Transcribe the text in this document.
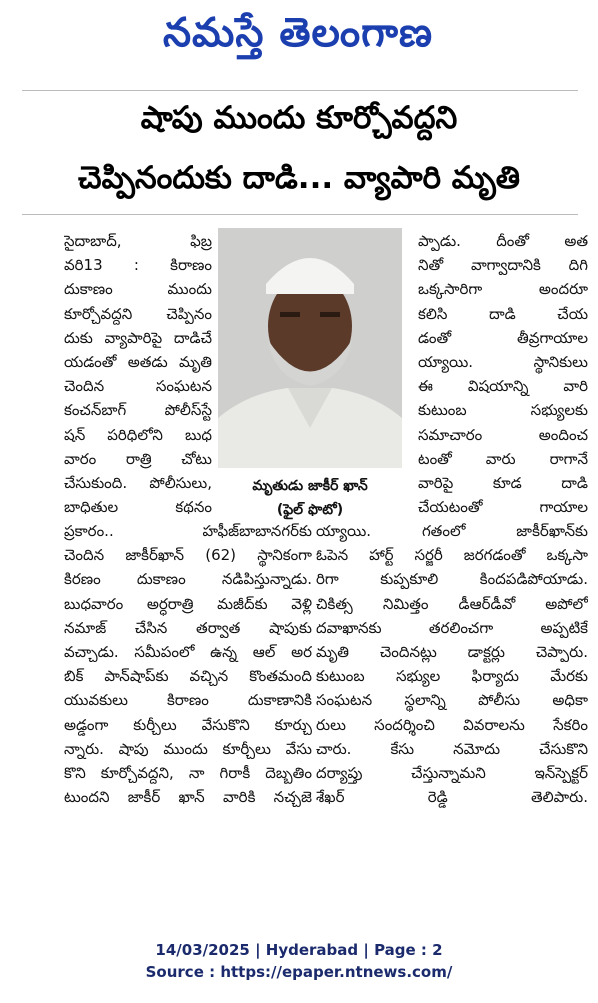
నమస్తే తెలంగాణ
షాపు ముందు కూర్చోవద్దని
చెప్పినందుకు దాడి... వ్యాపారి మృతి
సైదాబాద్, ఫిబ్ర
వరి13 : కిరాణం
దుకాణం ముందు
కూర్చోవద్దని చెప్పినం
దుకు వ్యాపారిపై దాడిచే
యడంతో అతడు మృతి
చెందిన సంఘటన
కంచన్‌బాగ్ పోలీస్‌స్టే
షన్ పరిధిలోని బుధ
వారం రాత్రి చోటు
చేసుకుంది. పోలీసులు,
బాధితుల కథనం
మృతుడు జాకీర్ ఖాన్
(ఫైల్ ఫొటో)
ప్పాడు. దీంతో అత
నితో వాగ్వాదానికి దిగి
ఒక్కసారిగా అందరూ
కలిసి దాడి చేయ
డంతో తీవ్రగాయాల
య్యాయి. స్థానికులు
ఈ విషయాన్ని వారి
కుటుంబ సభ్యులకు
సమాచారం అందించ
టంతో వారు రాగానే
వారిపై కూడ దాడి
చేయటంతో గాయాల
ప్రకారం.. హఫీజ్‌బాబానగర్‌కు
చెందిన జాకీర్‌ఖాన్ (62) స్థానికంగా
కిరణం దుకాణం నడిపిస్తున్నాడు.
బుధవారం అర్ధరాత్రి మజీద్‌కు వెళ్లి
నమాజ్ చేసిన తర్వాత షాపుకు
వచ్చాడు. సమీపంలో ఉన్న ఆల్ అర
బిక్ పాన్‌షాప్‌కు వచ్చిన కొంతమంది
యువకులు కిరాణం దుకాణానికి
అడ్డంగా కుర్చీలు వేసుకొని కూర్చు
న్నారు. షాపు ముందు కూర్చీలు వేసు
కొని కూర్చోవద్దని, నా గిరాకీ దెబ్బతిం
టుందని జాకీర్ ఖాన్ వారికి నచ్చజె
య్యాయి. గతంలో జాకీర్‌ఖాన్‌కు
ఓపెన హార్ట్ సర్జరీ జరగడంతో ఒక్కసా
రిగా కుప్పకూలి కిందపడిపోయాడు.
చికిత్స నిమిత్తం డీఆర్‌డీవో అపోలో
దవాఖానకు తరలించగా అప్పటికే
మృతి చెందినట్లు డాక్టర్లు చెప్పారు.
కుటుంబ సభ్యుల ఫిర్యాదు మేరకు
సంఘటన స్థలాన్ని పోలీసు అధికా
రులు సందర్శించి వివరాలను సేకరిం
చారు. కేసు నమోదు చేసుకొని
దర్యాప్తు చేస్తున్నామని ఇన్‌స్పెక్టర్
శేఖర్ రెడ్డి తెలిపారు.
14/03/2025 | Hyderabad | Page : 2
Source : https://epaper.ntnews.com/
